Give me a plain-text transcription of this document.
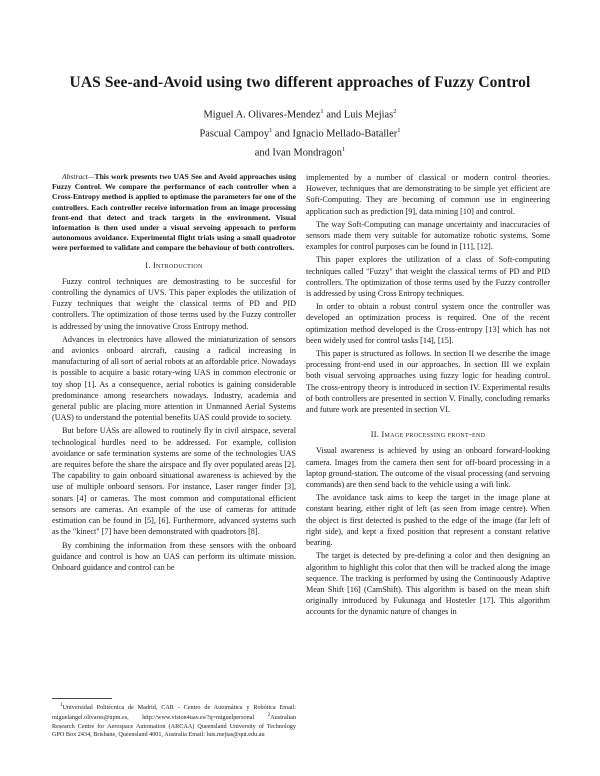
UAS See-and-Avoid using two different approaches of Fuzzy Control
Miguel A. Olivares-Mendez$^1$ and Luis Mejias$^2$
Pascual Campoy$^1$ and Ignacio Mellado-Bataller$^1$
and Ivan Mondragon$^1$

Abstract—This work presents two UAS See and Avoid approaches using Fuzzy Control. We compare the performance of each controller when a Cross-Entropy method is applied to optimase the parameters for one of the controllers. Each controller receive information from an image processing front-end that detect and track targets in the environment. Visual information is then used under a visual servoing approach to perform autonomous avoidance. Experimental flight trials using a small quadrotor were performed to validate and compare the behaviour of both controllers.

I. Introduction

Fuzzy control techniques are demostrasting to be succesful for controlling the dynamics of UVS. This paper explodes the utilization of Fuzzy techniques that weight the classical terms of PD and PID controllers. The optimization of those terms used by the Fuzzy controller is addressed by using the innovative Cross Entropy method.

Advances in electronics have allowed the miniaturization of sensors and avionics onboard aircraft, causing a radical increasing in manufacturing of all sort of aerial robots at an affordable price. Nowadays is possible to acquire a basic rotary-wing UAS in common electronic or toy shop [1]. As a consequence, aerial robotics is gaining considerable predominance among researchers nowadays. Industry, academia and general public are placing more attention in Unmanned Aerial Systems (UAS) to understand the potential benefits UAS could provide to society.

But before UASs are allowed to routinely fly in civil airspace, several technological hurdles need to be addressed. For example, collision avoidance or safe termination systems are some of the technologies UAS are requires before the share the airspace and fly over populated areas [2]. The capability to gain onboard situational awareness is achieved by the use of multiple onboard sensors. For instance, Laser ranger finder [3], sonars [4] or cameras. The most common and computational efficient sensors are cameras. An example of the use of cameras for attitude estimation can be found in [5], [6]. Furthermore, advanced systems such as the "kinect" [7] have been demonstrated with quadrotors [8].

By combining the information from these sensors with the onboard guidance and control is how an UAS can perform its ultimate mission. Onboard guidance and control can be

implemented by a number of classical or modern control theories. However, techniques that are demonstrating to be simple yet efficient are Soft-Computing. They are becoming of common use in engineering application such as prediction [9], data mining [10] and control.

The way Soft-Computing can manage uncertainty and inaccuracies of sensors made them very suitable for automatize robotic systems. Some examples for control purposes can be found in [11], [12].

This paper explores the utilization of a class of Soft-computing techniques called "Fuzzy" that weight the classical terms of PD and PID controllers. The optimization of those terms used by the Fuzzy controller is addressed by using Cross Entropy techniques.

In order to obtain a robust control system once the controller was developed an optimization process is required. One of the recent optimization method developed is the Cross-entropy [13] which has not been widely used for control tasks [14], [15].

This paper is structured as follows. In section II we describe the image processing front-end used in our approaches. In section III we explain both visual servoing approaches using fuzzy logic for heading control. The cross-entropy theory is introduced in section IV. Experimental results of both controllers are presented in section V. Finally, concluding remarks and future work are presented in section VI.

II. Image processing front-end

Visual awareness is achieved by using an onboard forward-looking camera. Images from the camera then sent for off-board processing in a laptop ground-station. The outcome of the visual processing (and servoing commands) are then send back to the vehicle using a wifi link.

The avoidance task aims to keep the target in the image plane at constant bearing, either right of left (as seen from image centre). When the object is first detected is pushed to the edge of the image (far left of right side), and kept a fixed position that represent a constant relative bearing.

The target is detected by pre-defining a color and then designing an algorithm to highlight this color that then will be tracked along the image sequence. The tracking is performed by using the Continuously Adaptive Mean Shift [16] (CamShift). This algorithm is based on the mean shift originally introduced by Fukunaga and Hostetler [17]. This algorithm accounts for the dynamic nature of changes in

$^1$Universidad Politécnica de Madrid, CAR - Centro de Automática y Robótica Email: miguelangel.olivares@upm.es, http://www.vision4uav.es/?q=miguelpersonal	$^2$Australian Research Centre for Aerospace Automation (ARCAA) Queensland University of Technology GPO Box 2434, Brisbane, Queensland 4001, Australia Email: luis.mejias@qut.edu.au
